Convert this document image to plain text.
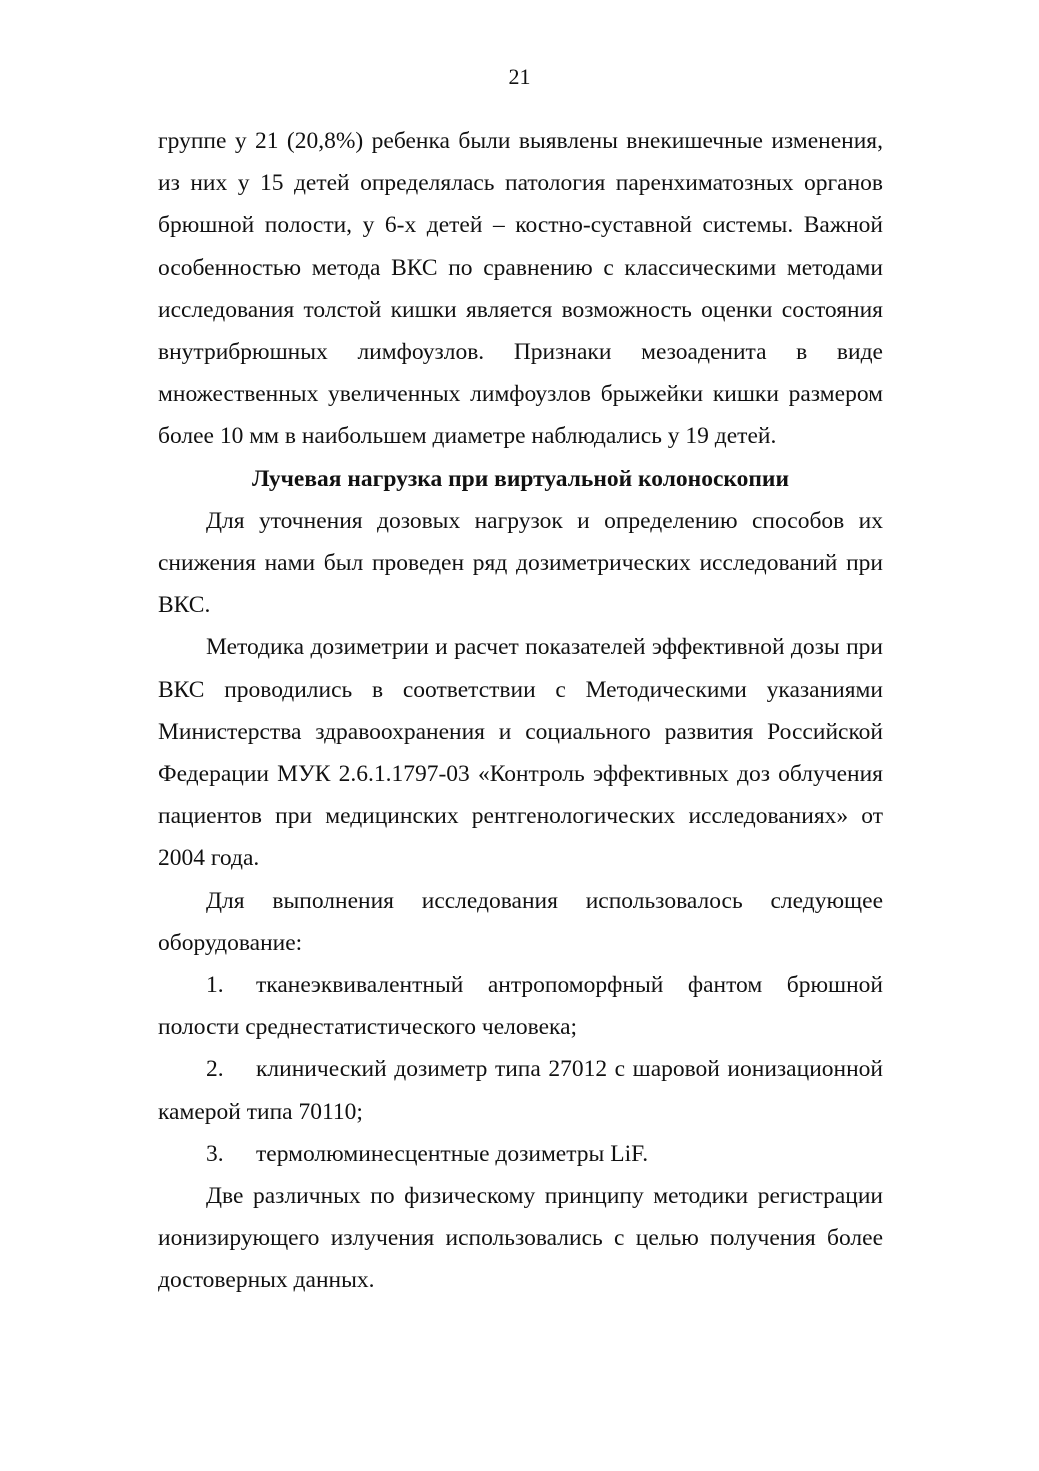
21

группе у 21 (20,8%) ребенка были выявлены внекишечные изменения, из них у 15 детей определялась патология паренхиматозных органов брюшной полости, у 6-х детей – костно-суставной системы. Важной особенностью метода ВКС по сравнению с классическими методами исследования толстой кишки является возможность оценки состояния внутрибрюшных лимфоузлов. Признаки мезоаденита в виде множественных увеличенных лимфоузлов брыжейки кишки размером более 10 мм в наибольшем диаметре наблюдались у 19 детей.

Лучевая нагрузка при виртуальной колоноскопии

Для уточнения дозовых нагрузок и определению способов их снижения нами был проведен ряд дозиметрических исследований при ВКС.

Методика дозиметрии и расчет показателей эффективной дозы при ВКС проводились в соответствии с Методическими указаниями Министерства здравоохранения и социального развития Российской Федерации МУК 2.6.1.1797-03 «Контроль эффективных доз облучения пациентов при медицинских рентгенологических исследованиях» от 2004 года.

Для выполнения исследования использовалось следующее оборудование:

1. тканеэквивалентный антропоморфный фантом брюшной полости среднестатистического человека;

2. клинический дозиметр типа 27012 с шаровой ионизационной камерой типа 70110;

3. термолюминесцентные дозиметры LiF.

Две различных по физическому принципу методики регистрации ионизирующего излучения использовались с целью получения более достоверных данных.
